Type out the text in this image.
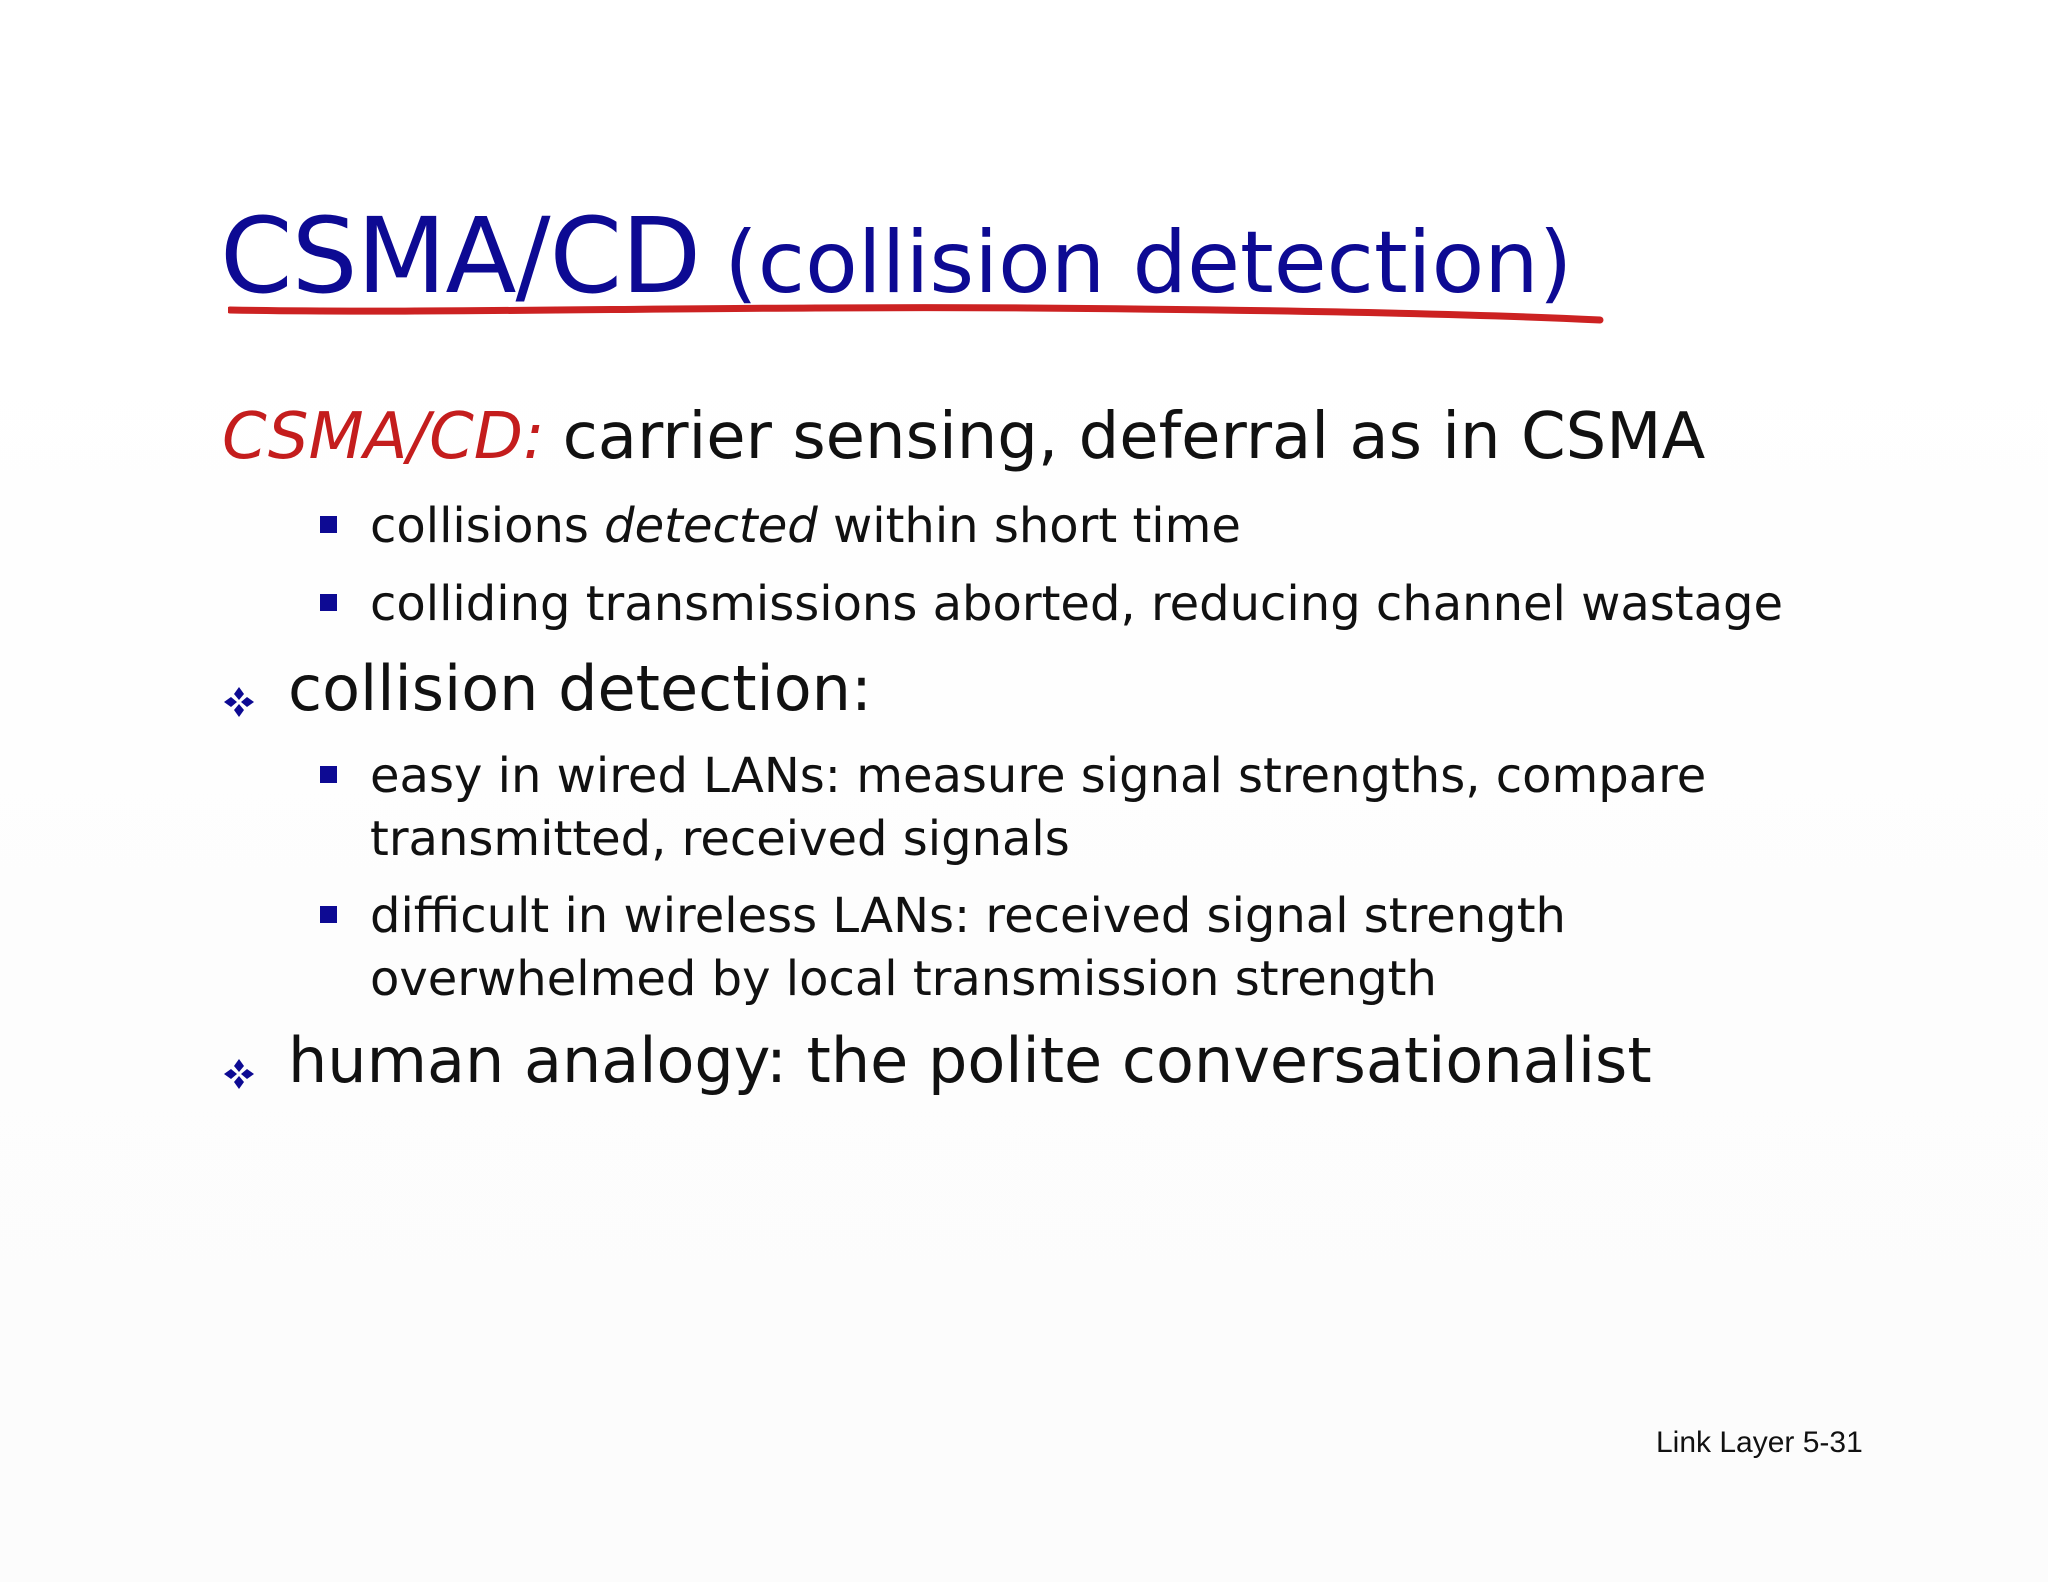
CSMA/CD (collision detection)
CSMA/CD: carrier sensing, deferral as in CSMA
collisions detected within short time
colliding transmissions aborted, reducing channel wastage
collision detection:
easy in wired LANs: measure signal strengths, compare
transmitted, received signals
difficult in wireless LANs: received signal strength
overwhelmed by local transmission strength
human analogy: the polite conversationalist
Link Layer 5-31
